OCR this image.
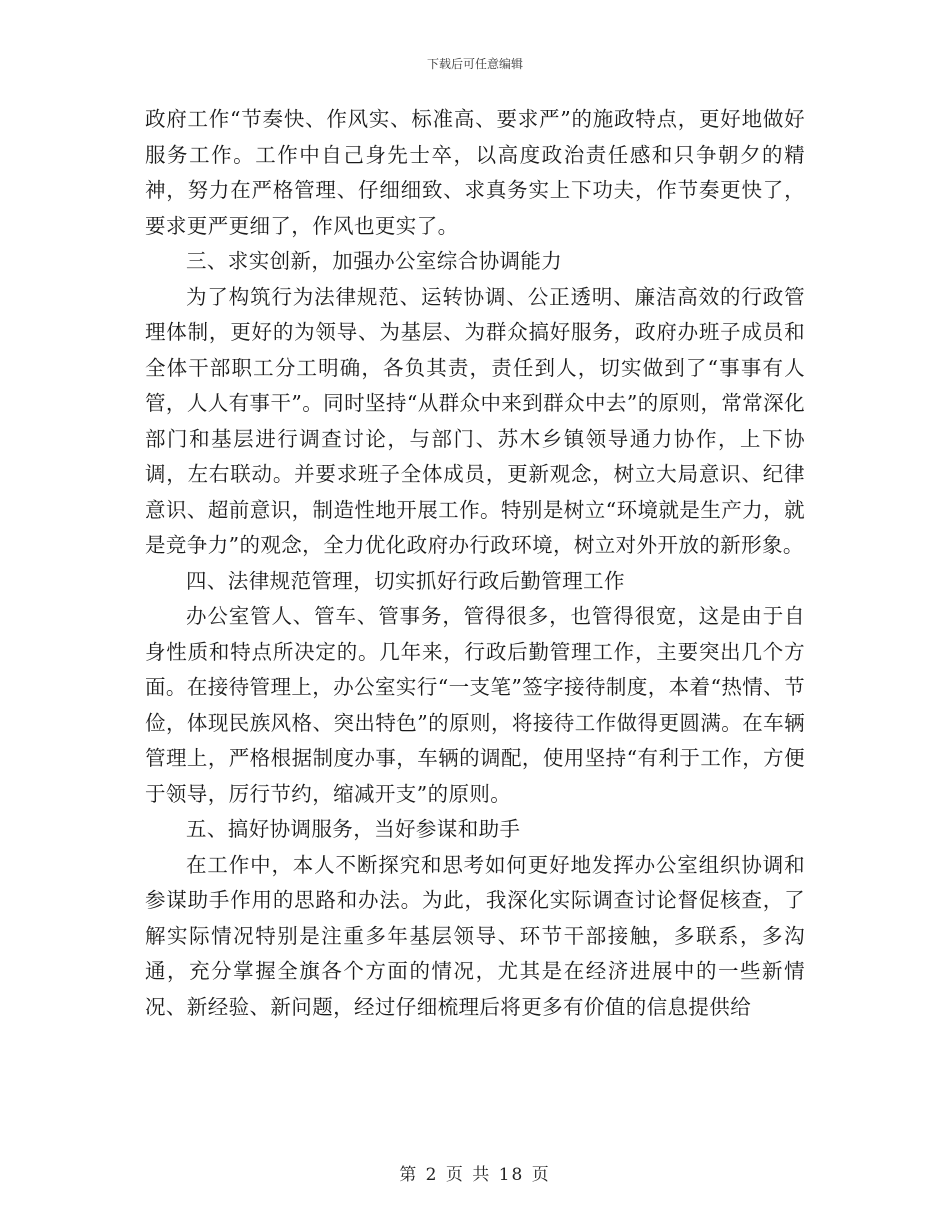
下载后可任意编辑

政府工作“节奏快、作风实、标准高、要求严”的施政特点，更好地做好服务工作。工作中自己身先士卒，以高度政治责任感和只争朝夕的精神，努力在严格管理、仔细细致、求真务实上下功夫，作节奏更快了，要求更严更细了，作风也更实了。

三、求实创新，加强办公室综合协调能力

为了构筑行为法律规范、运转协调、公正透明、廉洁高效的行政管理体制，更好的为领导、为基层、为群众搞好服务，政府办班子成员和全体干部职工分工明确，各负其责，责任到人，切实做到了“事事有人管，人人有事干”。同时坚持“从群众中来到群众中去”的原则，常常深化部门和基层进行调查讨论，与部门、苏木乡镇领导通力协作，上下协调，左右联动。并要求班子全体成员，更新观念，树立大局意识、纪律意识、超前意识，制造性地开展工作。特别是树立“环境就是生产力，就是竞争力”的观念，全力优化政府办行政环境，树立对外开放的新形象。

四、法律规范管理，切实抓好行政后勤管理工作

办公室管人、管车、管事务，管得很多，也管得很宽，这是由于自身性质和特点所决定的。几年来，行政后勤管理工作，主要突出几个方面。在接待管理上，办公室实行“一支笔”签字接待制度，本着“热情、节俭，体现民族风格、突出特色”的原则，将接待工作做得更圆满。在车辆管理上，严格根据制度办事，车辆的调配，使用坚持“有利于工作，方便于领导，厉行节约，缩减开支”的原则。

五、搞好协调服务，当好参谋和助手

在工作中，本人不断探究和思考如何更好地发挥办公室组织协调和参谋助手作用的思路和办法。为此，我深化实际调查讨论督促核查，了解实际情况特别是注重多年基层领导、环节干部接触，多联系，多沟通，充分掌握全旗各个方面的情况，尤其是在经济进展中的一些新情况、新经验、新问题，经过仔细梳理后将更多有价值的信息提供给

第 2 页 共 18 页
